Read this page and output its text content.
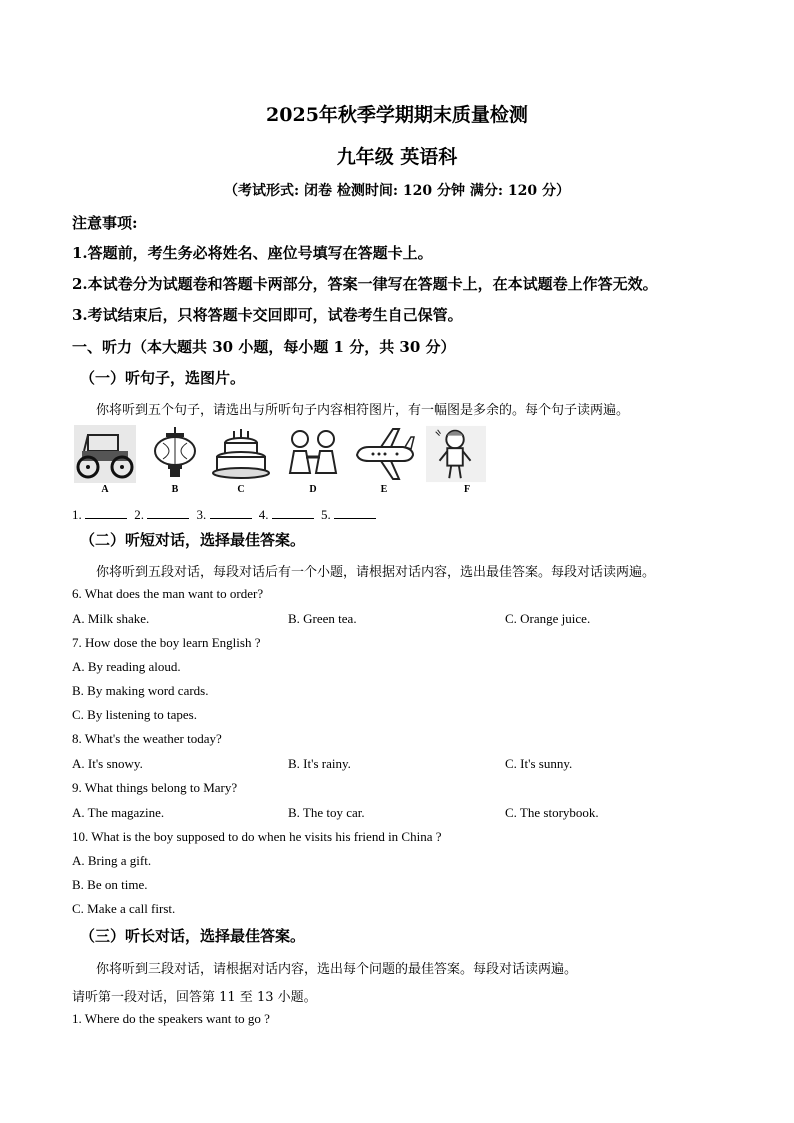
2025年秋季学期期末质量检测
九年级 英语科
（考试形式: 闭卷 检测时间: 120 分钟 满分: 120 分）
注意事项:
1.答题前，考生务必将姓名、座位号填写在答题卡上。
2.本试卷分为试题卷和答题卡两部分，答案一律写在答题卡上，在本试题卷上作答无效。
3.考试结束后，只将答题卡交回即可，试卷考生自己保管。
一、听力（本大题共 30 小题，每小题 1 分，共 30 分）
（一）听句子，选图片。
你将听到五个句子，请选出与所听句子内容相符图片，有一幅图是多余的。每个句子读两遍。
A	B	C	D	E	F
1.	2.	3.	4.	5.
（二）听短对话，选择最佳答案。
你将听到五段对话，每段对话后有一个小题，请根据对话内容，选出最佳答案。每段对话读两遍。
6. What does the man want to order?
A. Milk shake.	B. Green tea.	C. Orange juice.
7. How dose the boy learn English ?
A. By reading aloud.
B. By making word cards.
C. By listening to tapes.
8. What's the weather today?
A. It's snowy.	B. It's rainy.	C. It's sunny.
9. What things belong to Mary?
A. The magazine.	B. The toy car.	C. The storybook.
10. What is the boy supposed to do when he visits his friend in China ?
A. Bring a gift.
B. Be on time.
C. Make a call first.
（三）听长对话，选择最佳答案。
你将听到三段对话，请根据对话内容，选出每个问题的最佳答案。每段对话读两遍。
请听第一段对话，回答第 11 至 13 小题。
1. Where do the speakers want to go ?
